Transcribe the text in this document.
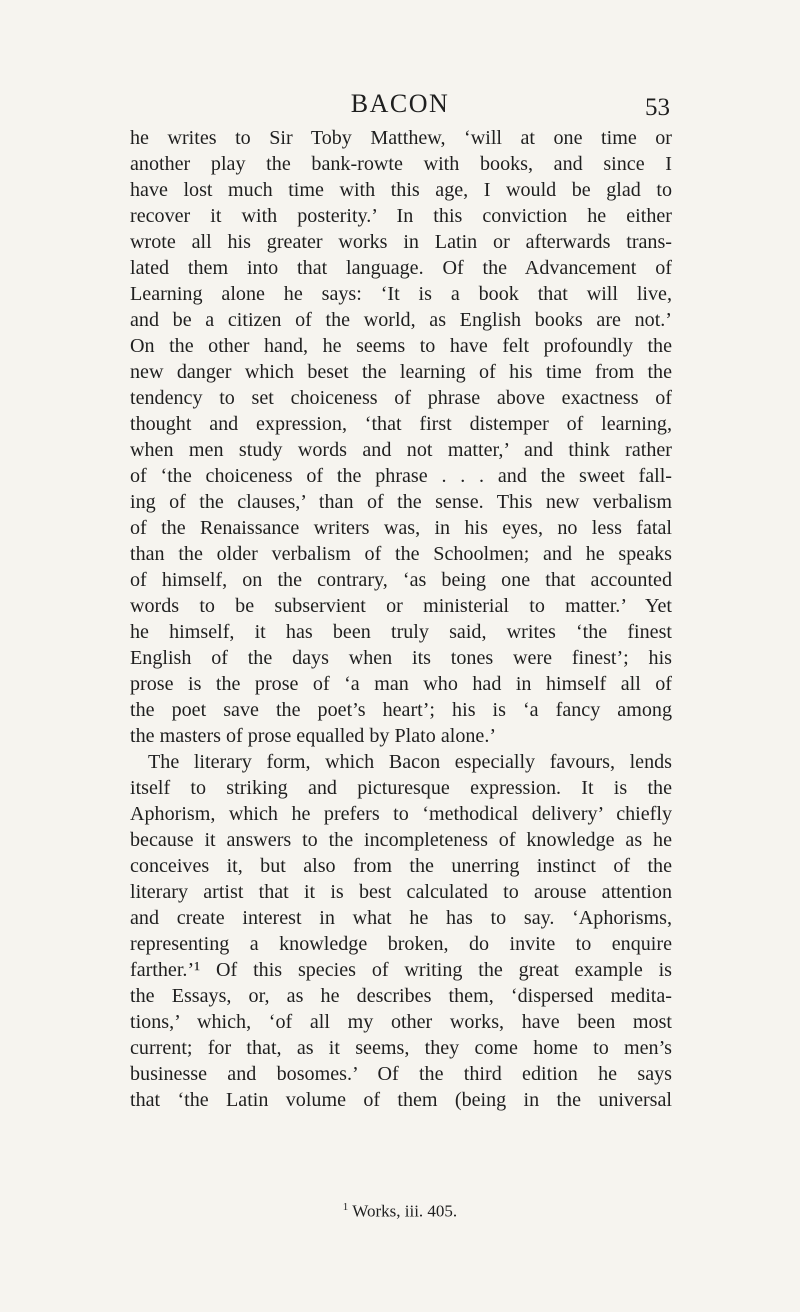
BACON	53
he writes to Sir Toby Matthew, ‘will at one time or
another play the bank-rowte with books, and since I
have lost much time with this age, I would be glad to
recover it with posterity.’ In this conviction he either
wrote all his greater works in Latin or afterwards trans-
lated them into that language. Of the Advancement of
Learning alone he says: ‘It is a book that will live,
and be a citizen of the world, as English books are not.’
On the other hand, he seems to have felt profoundly the
new danger which beset the learning of his time from the
tendency to set choiceness of phrase above exactness of
thought and expression, ‘that first distemper of learning,
when men study words and not matter,’ and think rather
of ‘the choiceness of the phrase . . . and the sweet fall-
ing of the clauses,’ than of the sense. This new verbalism
of the Renaissance writers was, in his eyes, no less fatal
than the older verbalism of the Schoolmen; and he speaks
of himself, on the contrary, ‘as being one that accounted
words to be subservient or ministerial to matter.’ Yet
he himself, it has been truly said, writes ‘the finest
English of the days when its tones were finest’; his
prose is the prose of ‘a man who had in himself all of
the poet save the poet’s heart’; his is ‘a fancy among
the masters of prose equalled by Plato alone.’
The literary form, which Bacon especially favours, lends
itself to striking and picturesque expression. It is the
Aphorism, which he prefers to ‘methodical delivery’ chiefly
because it answers to the incompleteness of knowledge as he
conceives it, but also from the unerring instinct of the
literary artist that it is best calculated to arouse attention
and create interest in what he has to say. ‘Aphorisms,
representing a knowledge broken, do invite to enquire
farther.’¹ Of this species of writing the great example is
the Essays, or, as he describes them, ‘dispersed medita-
tions,’ which, ‘of all my other works, have been most
current; for that, as it seems, they come home to men’s
businesse and bosomes.’ Of the third edition he says
that ‘the Latin volume of them (being in the universal
$^1$ Works, iii. 405.
